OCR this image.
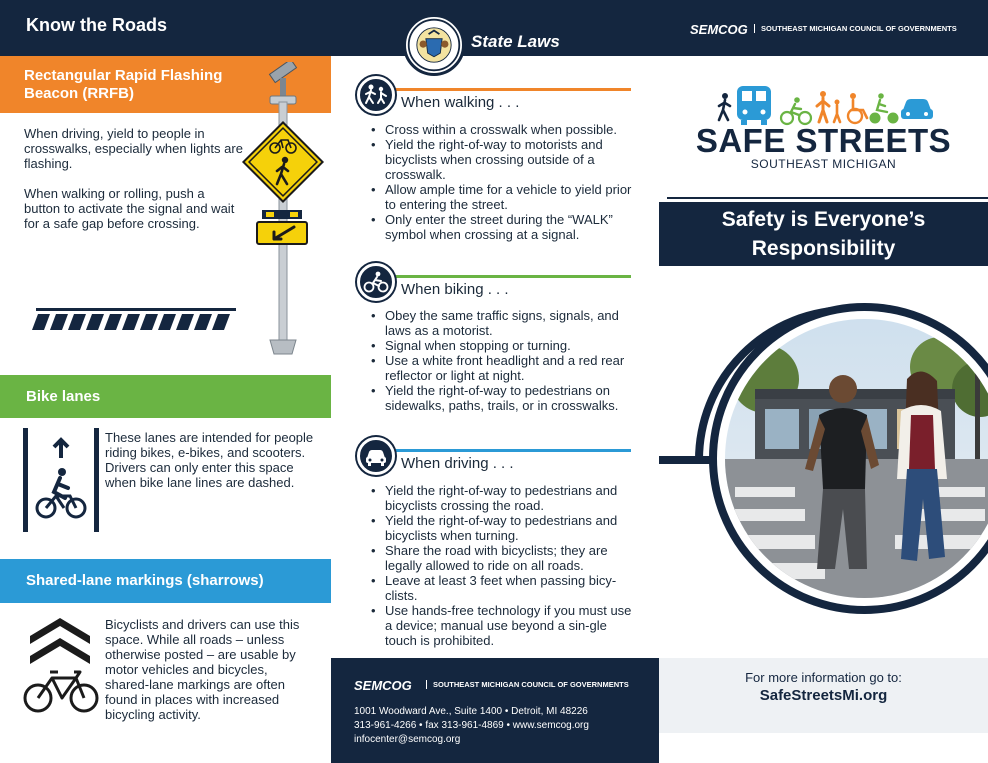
Know the Roads
Rectangular Rapid Flashing
Beacon (RRFB)

When driving, yield to people in crosswalks, especially when lights are flashing.

When walking or rolling, push a button to activate the signal and wait for a safe gap before crossing.

Bike lanes

These lanes are intended for people riding bikes, e-bikes, and scooters. Drivers can only enter this space when bike lane lines are dashed.

Shared-lane markings (sharrows)

Bicyclists and drivers can use this space. While all roads – unless otherwise posted – are usable by motor vehicles and bicycles, shared-lane markings are often found in places with increased bicycling activity.

State Laws
When walking . . .
• Cross within a crosswalk when possible.
• Yield the right-of-way to motorists and bicyclists when crossing outside of a crosswalk.
• Allow ample time for a vehicle to yield prior to entering the street.
• Only enter the street during the “WALK” symbol when crossing at a signal.
When biking . . .
• Obey the same traffic signs, signals, and laws as a motorist.
• Signal when stopping or turning.
• Use a white front headlight and a red rear reflector or light at night.
• Yield the right-of-way to pedestrians on sidewalks, paths, trails, or in crosswalks.
When driving . . .
• Yield the right-of-way to pedestrians and bicyclists crossing the road.
• Yield the right-of-way to pedestrians and bicyclists when turning.
• Share the road with bicyclists; they are legally allowed to ride on all roads.
• Leave at least 3 feet when passing bicy-clists.
• Use hands-free technology if you must use a device; manual use beyond a sin-gle touch is prohibited.
SEMCOG	SOUTHEAST MICHIGAN COUNCIL OF GOVERNMENTS
1001 Woodward Ave., Suite 1400 • Detroit, MI 48226
313-961-4266 • fax 313-961-4869 • www.semcog.org
infocenter@semcog.org
SEMCOG	SOUTHEAST MICHIGAN COUNCIL OF GOVERNMENTS
SAFE STREETS
SOUTHEAST MICHIGAN
Safety is Everyone’s
Responsibility
For more information go to:
SafeStreetsMi.org
